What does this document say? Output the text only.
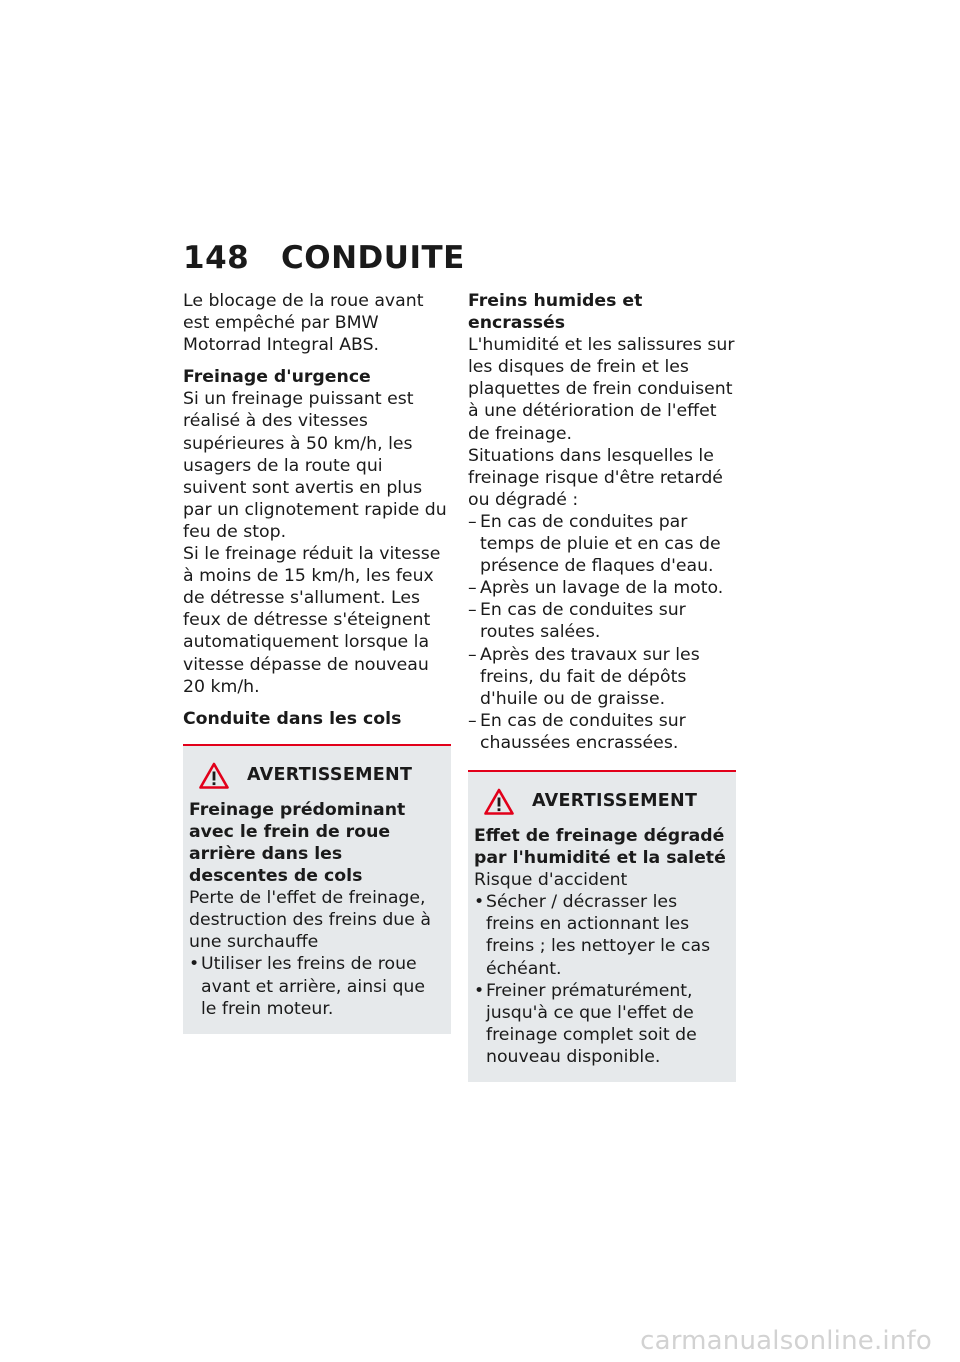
148 CONDUITE

Le blocage de la roue avant est empêché par BMW Motorrad Integral ABS.

Freinage d'urgence

Si un freinage puissant est réalisé à des vitesses supérieures à 50 km/h, les usagers de la route qui suivent sont avertis en plus par un clignotement rapide du feu de stop.

Si le freinage réduit la vitesse à moins de 15 km/h, les feux de détresse s'allument. Les feux de détresse s'éteignent automatiquement lorsque la vitesse dépasse de nouveau 20 km/h.

Conduite dans les cols

AVERTISSEMENT

Freinage prédominant avec le frein de roue arrière dans les descentes de cols

Perte de l'effet de freinage, destruction des freins due à une surchauffe

• Utiliser les freins de roue avant et arrière, ainsi que le frein moteur.

Freins humides et encrassés

L'humidité et les salissures sur les disques de frein et les plaquettes de frein conduisent à une détérioration de l'effet de freinage.

Situations dans lesquelles le freinage risque d'être retardé ou dégradé :

– En cas de conduites par temps de pluie et en cas de présence de flaques d'eau.
– Après un lavage de la moto.
– En cas de conduites sur routes salées.
– Après des travaux sur les freins, du fait de dépôts d'huile ou de graisse.
– En cas de conduites sur chaussées encrassées.
AVERTISSEMENT

Effet de freinage dégradé par l'humidité et la saleté

Risque d'accident

• Sécher / décrasser les freins en actionnant les freins ; les nettoyer le cas échéant.
• Freiner prématurément, jusqu'à ce que l'effet de freinage complet soit de nouveau disponible.
carmanualsonline.info
